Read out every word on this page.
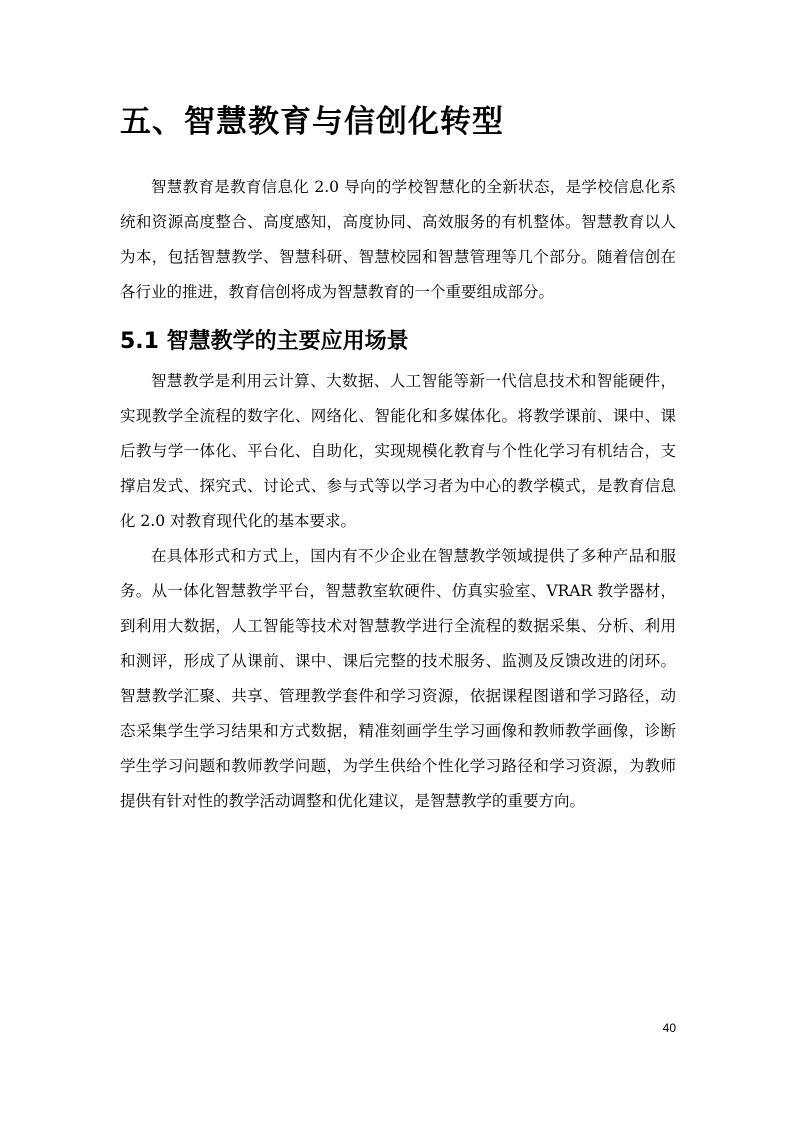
五、智慧教育与信创化转型

智慧教育是教育信息化 2.0 导向的学校智慧化的全新状态，是学校信息化系统和资源高度整合、高度感知，高度协同、高效服务的有机整体。智慧教育以人为本，包括智慧教学、智慧科研、智慧校园和智慧管理等几个部分。随着信创在各行业的推进，教育信创将成为智慧教育的一个重要组成部分。

5.1 智慧教学的主要应用场景

智慧教学是利用云计算、大数据、人工智能等新一代信息技术和智能硬件，实现教学全流程的数字化、网络化、智能化和多媒体化。将教学课前、课中、课后教与学一体化、平台化、自助化，实现规模化教育与个性化学习有机结合，支撑启发式、探究式、讨论式、参与式等以学习者为中心的教学模式，是教育信息化 2.0 对教育现代化的基本要求。

在具体形式和方式上，国内有不少企业在智慧教学领域提供了多种产品和服务。从一体化智慧教学平台，智慧教室软硬件、仿真实验室、VRAR 教学器材，到利用大数据，人工智能等技术对智慧教学进行全流程的数据采集、分析、利用和测评，形成了从课前、课中、课后完整的技术服务、监测及反馈改进的闭环。智慧教学汇聚、共享、管理教学套件和学习资源，依据课程图谱和学习路径，动态采集学生学习结果和方式数据，精准刻画学生学习画像和教师教学画像，诊断学生学习问题和教师教学问题，为学生供给个性化学习路径和学习资源，为教师提供有针对性的教学活动调整和优化建议，是智慧教学的重要方向。

40
